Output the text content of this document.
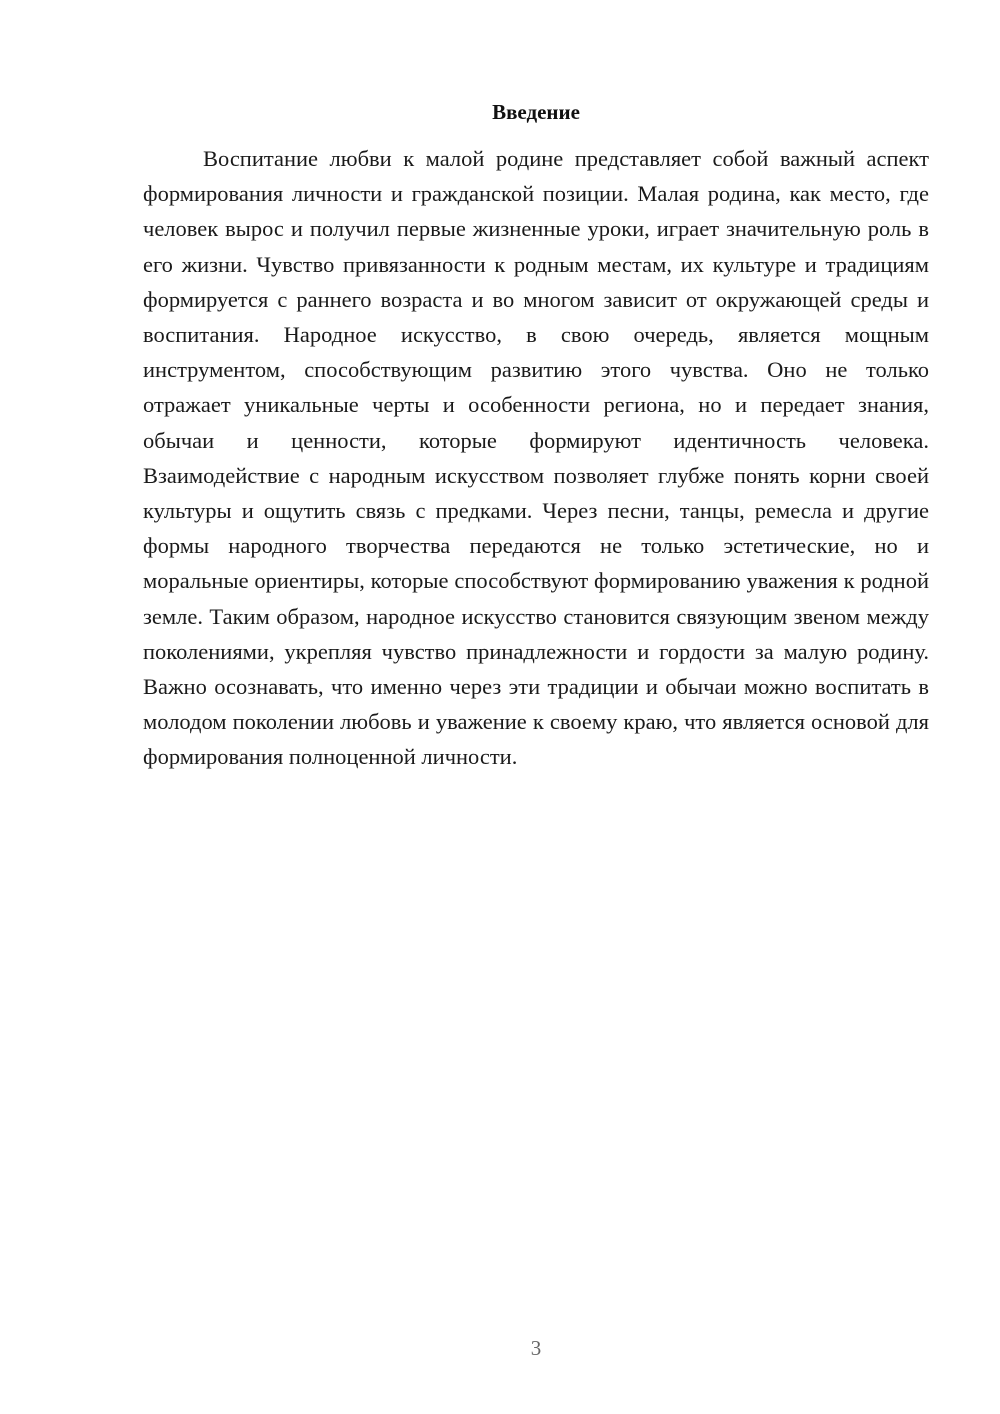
Введение

Воспитание любви к малой родине представляет собой важный аспект формирования личности и гражданской позиции. Малая родина, как место, где человек вырос и получил первые жизненные уроки, играет значительную роль в его жизни. Чувство привязанности к родным местам, их культуре и традициям формируется с раннего возраста и во многом зависит от окружающей среды и воспитания. Народное искусство, в свою очередь, является мощным инструментом, способствующим развитию этого чувства. Оно не только отражает уникальные черты и особенности региона, но и передает знания, обычаи и ценности, которые формируют идентичность человека. Взаимодействие с народным искусством позволяет глубже понять корни своей культуры и ощутить связь с предками. Через песни, танцы, ремесла и другие формы народного творчества передаются не только эстетические, но и моральные ориентиры, которые способствуют формированию уважения к родной земле. Таким образом, народное искусство становится связующим звеном между поколениями, укрепляя чувство принадлежности и гордости за малую родину. Важно осознавать, что именно через эти традиции и обычаи можно воспитать в молодом поколении любовь и уважение к своему краю, что является основой для формирования полноценной личности.

3
